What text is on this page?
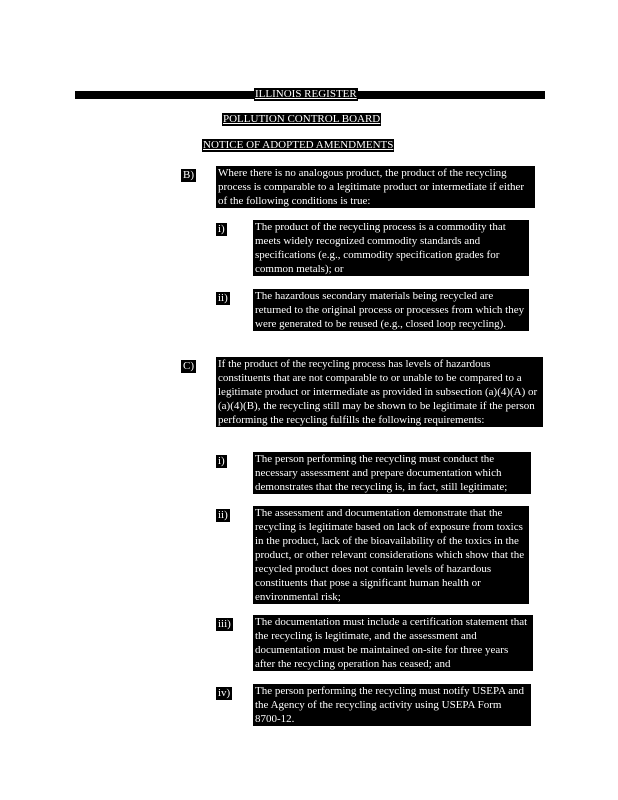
ILLINOIS REGISTER
POLLUTION CONTROL BOARD
NOTICE OF ADOPTED AMENDMENTS
B) Where there is no analogous product, the product of the recycling process is comparable to a legitimate product or intermediate if either of the following conditions is true:

i)	The product of the recycling process is a commodity that meets widely recognized commodity standards and specifications (e.g., commodity specification grades for common metals); or

ii) The hazardous secondary materials being recycled are returned to the original process or processes from which they were generated to be reused (e.g., closed loop recycling).

C) If the product of the recycling process has levels of hazardous constituents that are not comparable to or unable to be compared to a legitimate product or intermediate as provided in subsection (a)(4)(A) or (a)(4)(B), the recycling still may be shown to be legitimate if the person performing the recycling fulfills the following requirements:

i)	The person performing the recycling must conduct the necessary assessment and prepare documentation which demonstrates that the recycling is, in fact, still legitimate;

ii) The assessment and documentation demonstrate that the recycling is legitimate based on lack of exposure from toxics in the product, lack of the bioavailability of the toxics in the product, or other relevant considerations which show that the recycled product does not contain levels of hazardous constituents that pose a significant human health or environmental risk;

iii) The documentation must include a certification statement that the recycling is legitimate, and the assessment and documentation must be maintained on-site for three years after the recycling operation has ceased; and

iv) The person performing the recycling must notify USEPA and the Agency of the recycling activity using USEPA Form 8700-12.
